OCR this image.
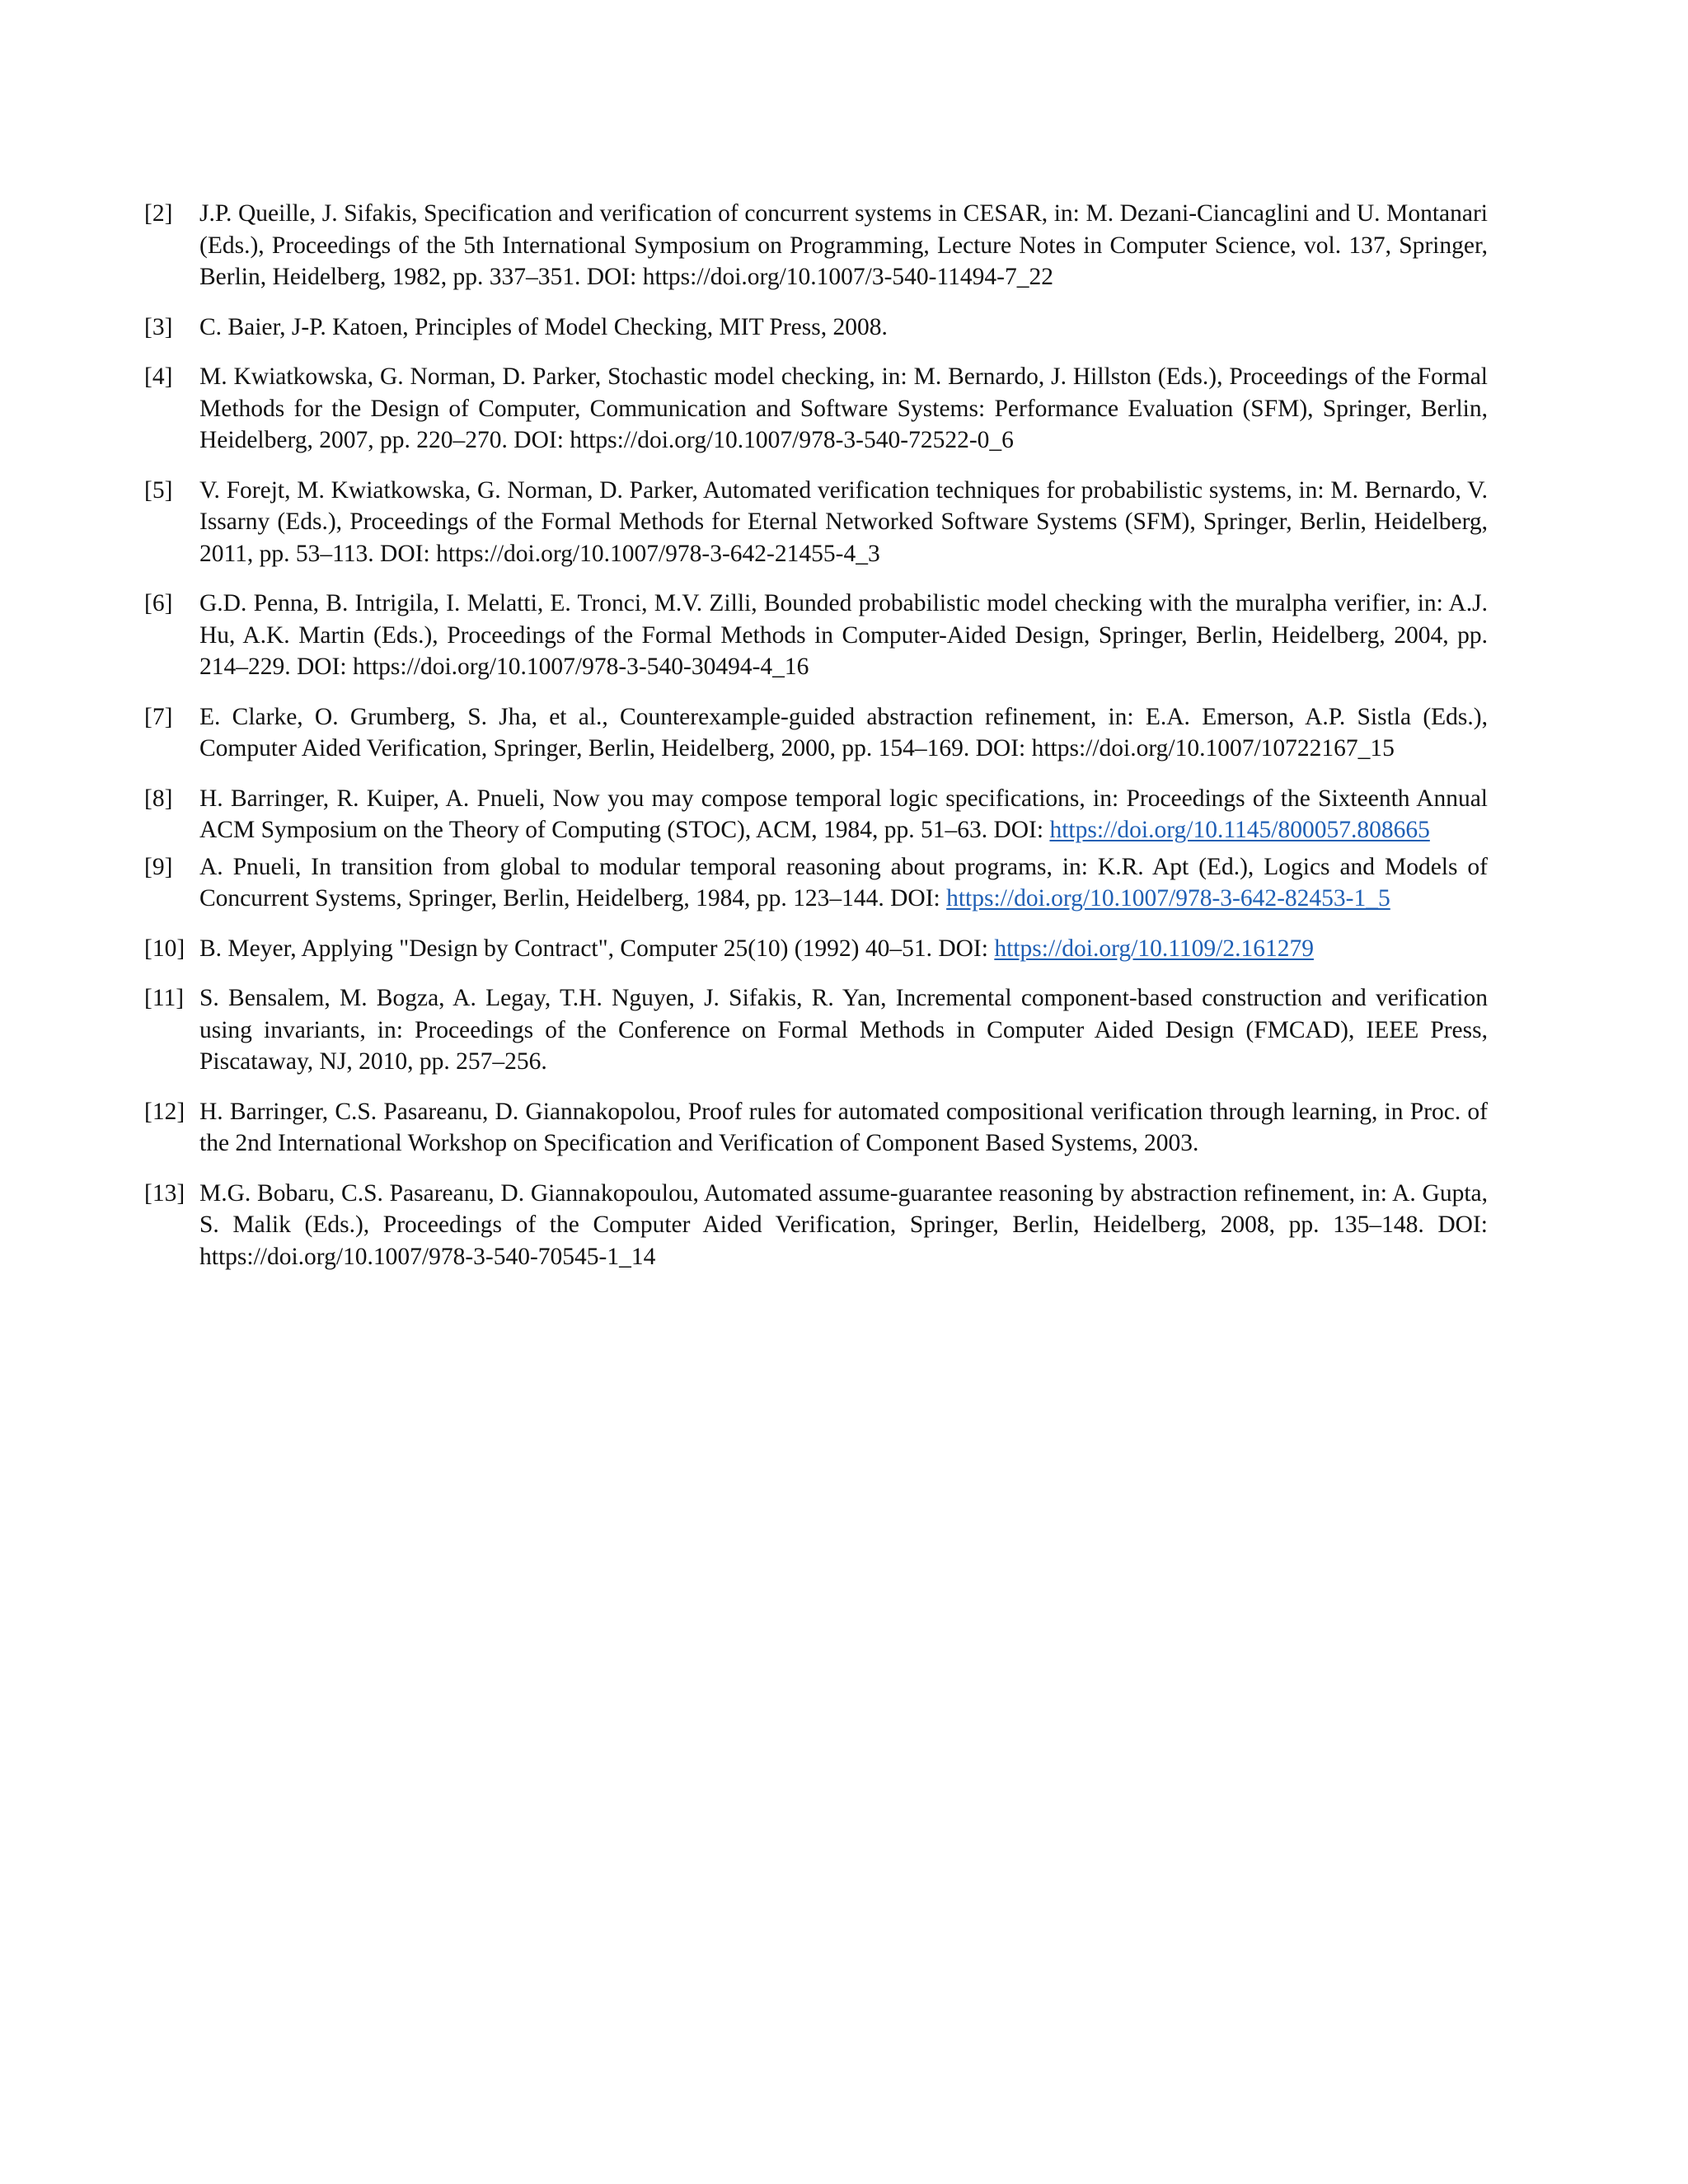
[2]	J.P. Queille, J. Sifakis, Specification and verification of concurrent systems in CESAR, in: M. Dezani-Ciancaglini and U. Montanari (Eds.), Proceedings of the 5th International Symposium on Programming, Lecture Notes in Computer Science, vol. 137, Springer, Berlin, Heidelberg, 1982, pp. 337–351. DOI: https://doi.org/10.1007/3-540-11494-7_22
[3]	C. Baier, J-P. Katoen, Principles of Model Checking, MIT Press, 2008.
[4]	M. Kwiatkowska, G. Norman, D. Parker, Stochastic model checking, in: M. Bernardo, J. Hillston (Eds.), Proceedings of the Formal Methods for the Design of Computer, Communication and Software Systems: Performance Evaluation (SFM), Springer, Berlin, Heidelberg, 2007, pp. 220–270. DOI: https://doi.org/10.1007/978-3-540-72522-0_6
[5]	V. Forejt, M. Kwiatkowska, G. Norman, D. Parker, Automated verification techniques for probabilistic systems, in: M. Bernardo, V. Issarny (Eds.), Proceedings of the Formal Methods for Eternal Networked Software Systems (SFM), Springer, Berlin, Heidelberg, 2011, pp. 53–113. DOI: https://doi.org/10.1007/978-3-642-21455-4_3
[6]	G.D. Penna, B. Intrigila, I. Melatti, E. Tronci, M.V. Zilli, Bounded probabilistic model checking with the muralpha verifier, in: A.J. Hu, A.K. Martin (Eds.), Proceedings of the Formal Methods in Computer-Aided Design, Springer, Berlin, Heidelberg, 2004, pp. 214–229. DOI: https://doi.org/10.1007/978-3-540-30494-4_16
[7]	E. Clarke, O. Grumberg, S. Jha, et al., Counterexample-guided abstraction refinement, in: E.A. Emerson, A.P. Sistla (Eds.), Computer Aided Verification, Springer, Berlin, Heidelberg, 2000, pp. 154–169. DOI: https://doi.org/10.1007/10722167_15
[8]	H. Barringer, R. Kuiper, A. Pnueli, Now you may compose temporal logic specifications, in: Proceedings of the Sixteenth Annual ACM Symposium on the Theory of Computing (STOC), ACM, 1984, pp. 51–63. DOI: https://doi.org/10.1145/800057.808665
[9]	A. Pnueli, In transition from global to modular temporal reasoning about programs, in: K.R. Apt (Ed.), Logics and Models of Concurrent Systems, Springer, Berlin, Heidelberg, 1984, pp. 123–144. DOI: https://doi.org/10.1007/978-3-642-82453-1_5
[10] B. Meyer, Applying "Design by Contract", Computer 25(10) (1992) 40–51. DOI: https://doi.org/10.1109/2.161279
[11] S. Bensalem, M. Bogza, A. Legay, T.H. Nguyen, J. Sifakis, R. Yan, Incremental component-based construction and verification using invariants, in: Proceedings of the Conference on Formal Methods in Computer Aided Design (FMCAD), IEEE Press, Piscataway, NJ, 2010, pp. 257–256.
[12] H. Barringer, C.S. Pasareanu, D. Giannakopolou, Proof rules for automated compositional verification through learning, in Proc. of the 2nd International Workshop on Specification and Verification of Component Based Systems, 2003.
[13] M.G. Bobaru, C.S. Pasareanu, D. Giannakopoulou, Automated assume-guarantee reasoning by abstraction refinement, in: A. Gupta, S. Malik (Eds.), Proceedings of the Computer Aided Verification, Springer, Berlin, Heidelberg, 2008, pp. 135–148. DOI: https://doi.org/10.1007/978-3-540-70545-1_14
